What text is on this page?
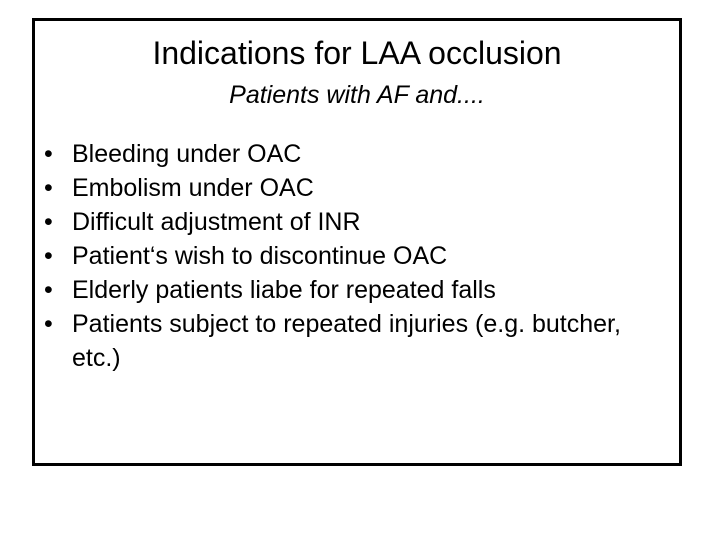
Indications for LAA occlusion

Patients with AF and....

• Bleeding under OAC
• Embolism under OAC
• Difficult adjustment of INR
• Patient‘s wish to discontinue OAC
• Elderly patients liabe for repeated falls
• Patients subject to repeated injuries (e.g. butcher, etc.)
